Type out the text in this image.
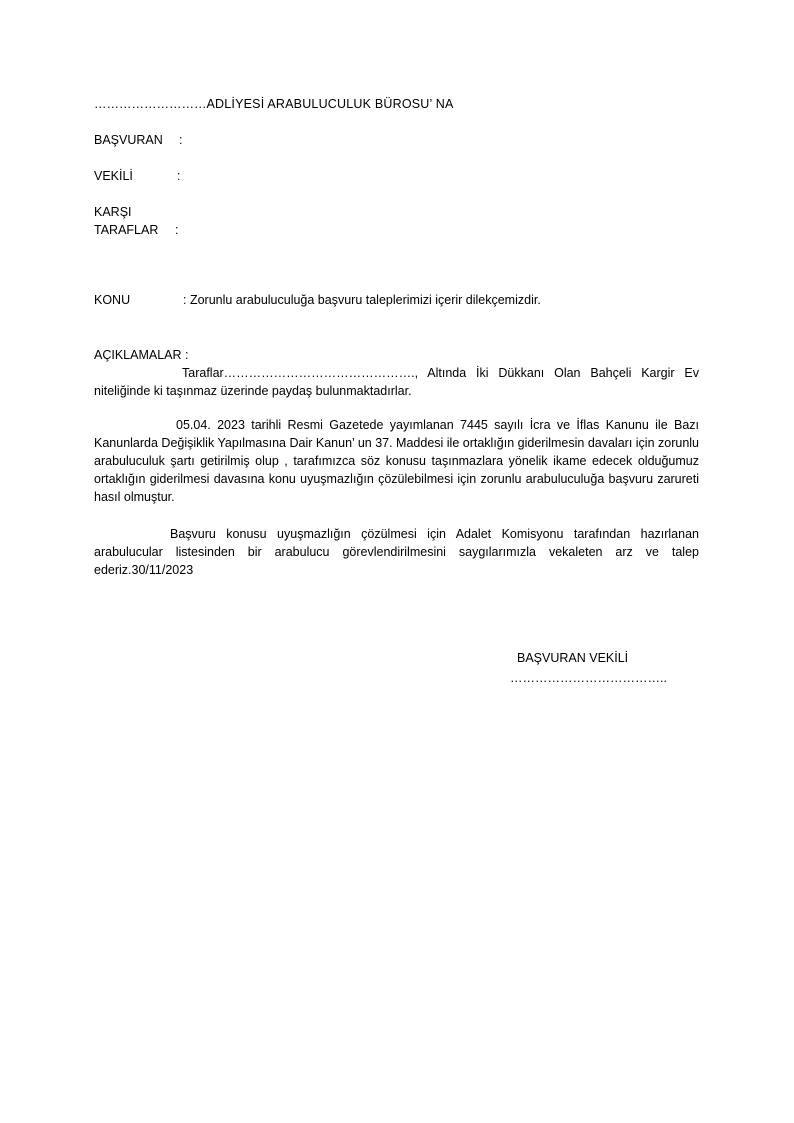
………………………ADLİYESİ ARABULUCULUK BÜROSU’ NA
BAŞVURAN :
VEKİLİ	:
KARŞI
TARAFLAR :
KONU	: Zorunlu arabuluculuğa başvuru taleplerimizi içerir dilekçemizdir.
AÇIKLAMALAR :

Taraflar………………………………………., Altında İki Dükkanı Olan Bahçeli Kargir Ev niteliğinde ki taşınmaz üzerinde paydaş bulunmaktadırlar.

05.04. 2023 tarihli Resmi Gazetede yayımlanan 7445 sayılı İcra ve İflas Kanunu ile Bazı Kanunlarda Değişiklik Yapılmasına Dair Kanun’ un 37. Maddesi ile ortaklığın giderilmesin davaları için zorunlu arabuluculuk şartı getirilmiş olup , tarafımızca söz konusu taşınmazlara yönelik ikame edecek olduğumuz ortaklığın giderilmesi davasına konu uyuşmazlığın çözülebilmesi için zorunlu arabuluculuğa başvuru zarureti hasıl olmuştur.

Başvuru konusu uyuşmazlığın çözülmesi için Adalet Komisyonu tarafından hazırlanan arabulucular listesinden bir arabulucu görevlendirilmesini saygılarımızla vekaleten arz ve talep ederiz.30/11/2023

BAŞVURAN VEKİLİ
………………………………..
